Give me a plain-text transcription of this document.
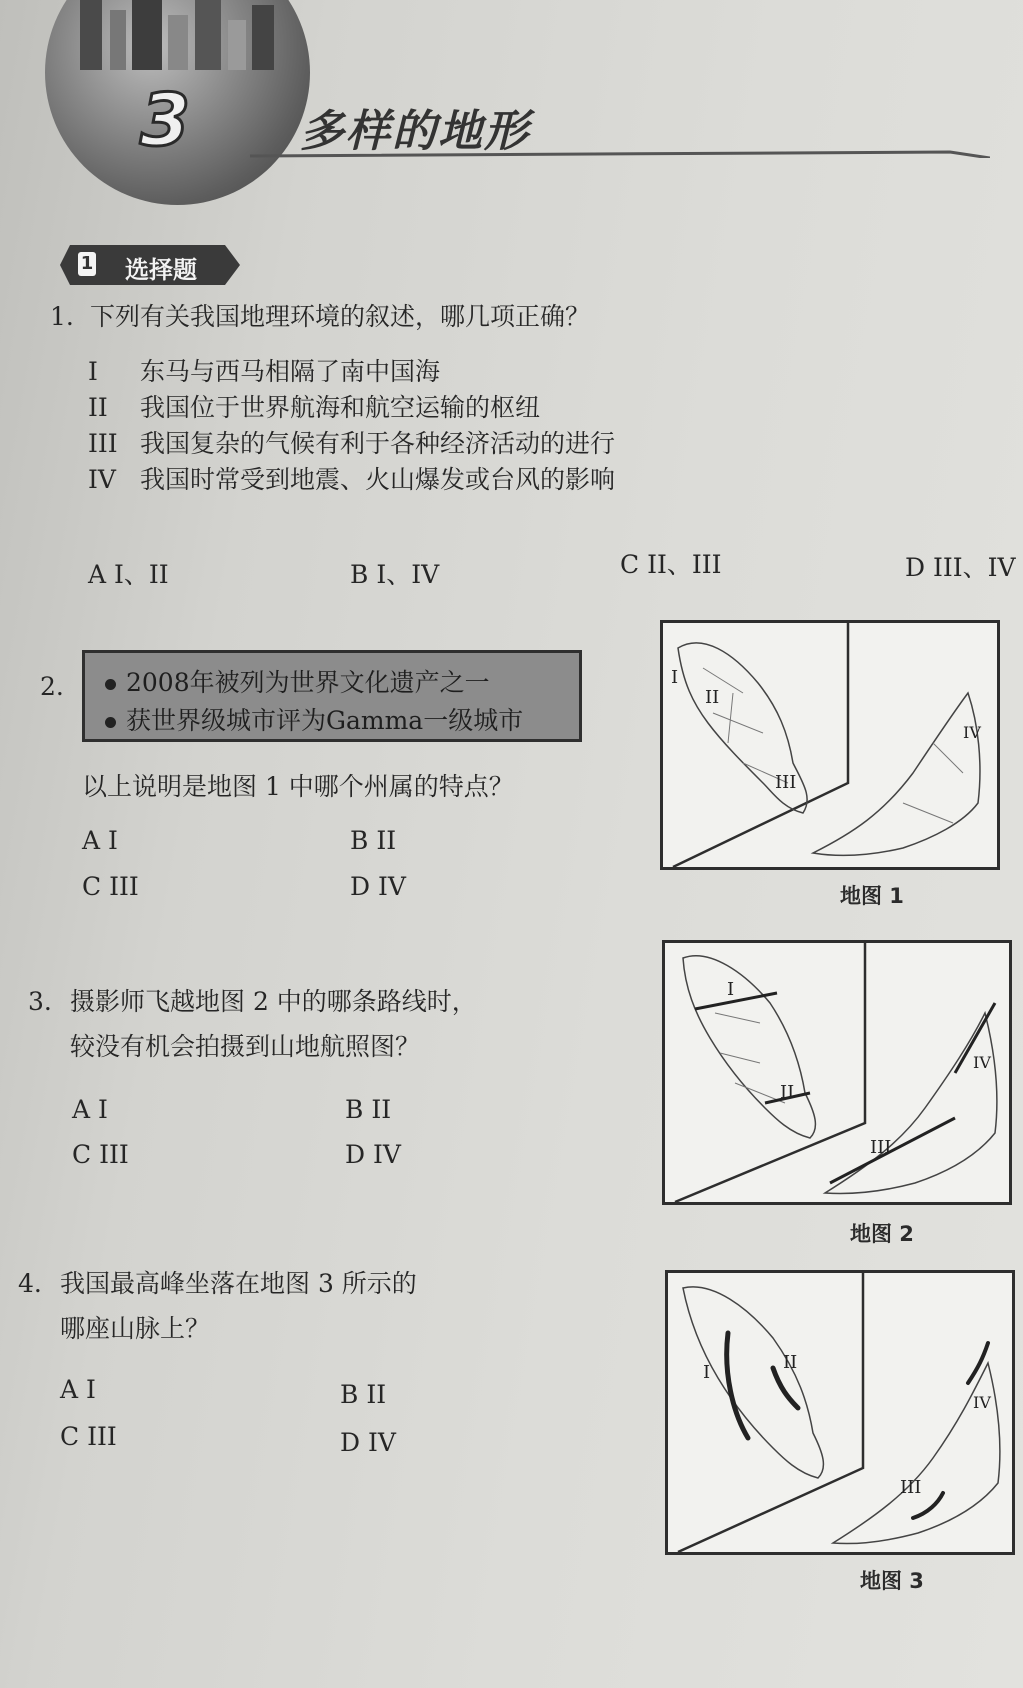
3 多样的地形
1 选择题
1. 下列有关我国地理环境的叙述，哪几项正确？
I 东马与西马相隔了南中国海
II 我国位于世界航海和航空运输的枢纽
III 我国复杂的气候有利于各种经济活动的进行
IV 我国时常受到地震、火山爆发或台风的影响
A I、II	B I、IV	C II、III	D III、IV
2.	2008年被列为世界文化遗产之一
获世界级城市评为Gamma一级城市
以上说明是地图 1 中哪个州属的特点？
A I	B II
C III	D IV
I
II
III
IV
地图 1
3. 摄影师飞越地图 2 中的哪条路线时，
较没有机会拍摄到山地航照图？
A I	B II
C III	D IV
I
II
III
IV
地图 2
4. 我国最高峰坐落在地图 3 所示的
哪座山脉上？
A I	B II
C III	D IV
I	II
III
IV
地图 3
